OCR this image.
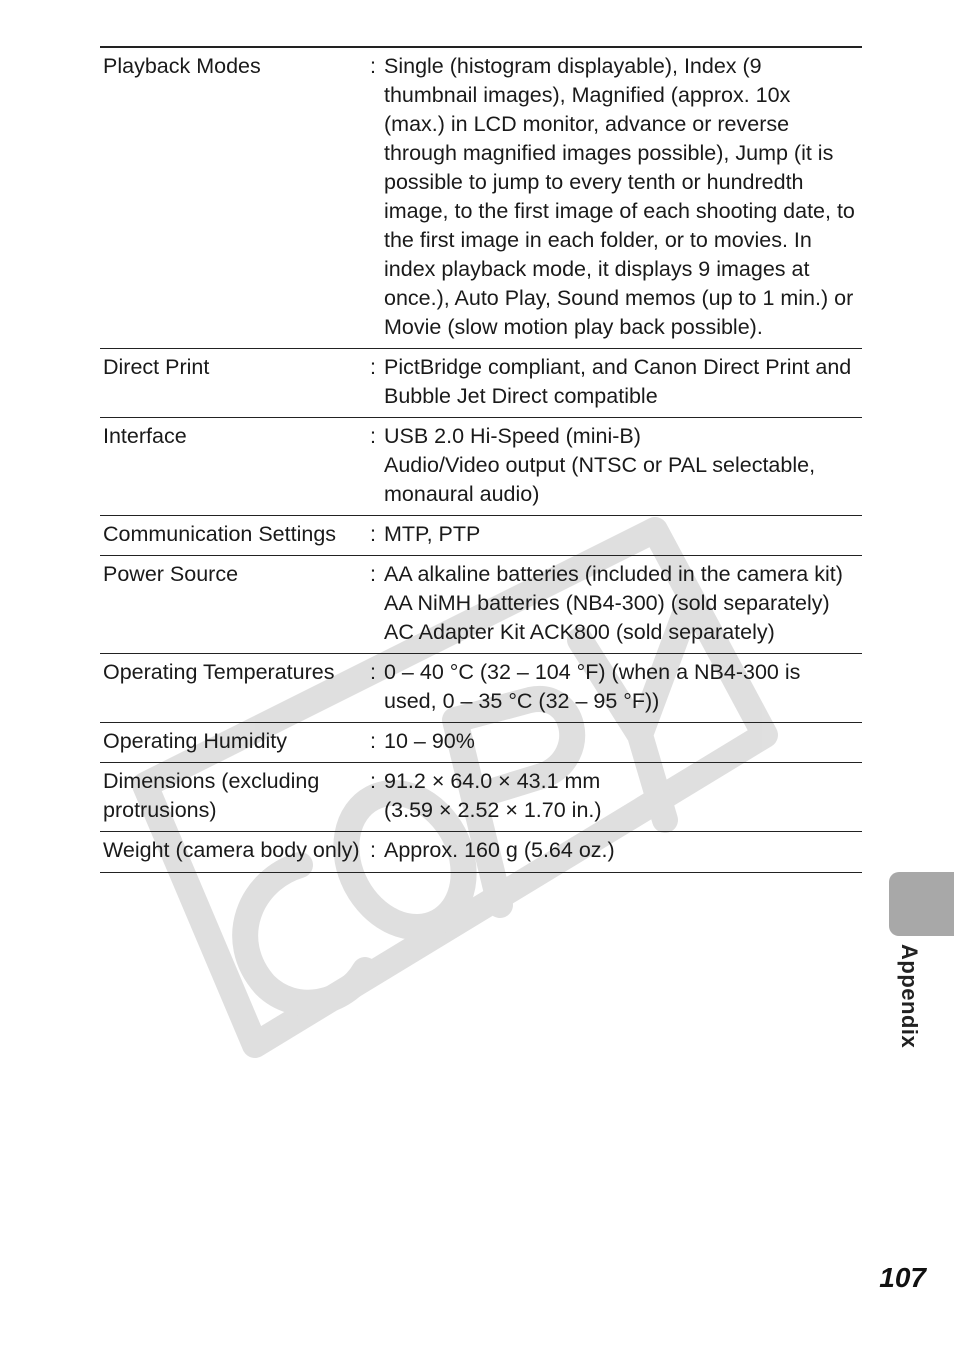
Playback Modes	: Single (histogram displayable), Index (9 thumbnail images), Magnified (approx. 10x (max.) in LCD monitor, advance or reverse through magnified images possible), Jump (it is possible to jump to every tenth or hundredth image, to the first image of each shooting date, to the first image in each folder, or to movies. In index playback mode, it displays 9 images at once.), Auto Play, Sound memos (up to 1 min.) or Movie (slow motion play back possible).
Direct Print	: PictBridge compliant, and Canon Direct Print and Bubble Jet Direct compatible
Interface	: USB 2.0 Hi-Speed (mini-B)
Audio/Video output (NTSC or PAL selectable, monaural audio)
Communication Settings	: MTP, PTP
Power Source	: AA alkaline batteries (included in the camera kit) AA NiMH batteries (NB4-300) (sold separately)
AC Adapter Kit ACK800 (sold separately)
Operating Temperatures	: 0 – 40 °C (32 – 104 °F) (when a NB4-300 is used, 0 – 35 °C (32 – 95 °F))
Operating Humidity	: 10 – 90%
Dimensions (excluding protrusions)
: 91.2 × 64.0 × 43.1 mm
(3.59 × 2.52 × 1.70 in.)
Weight (camera body only) : Approx. 160 g (5.64 oz.)
Appendix
107
